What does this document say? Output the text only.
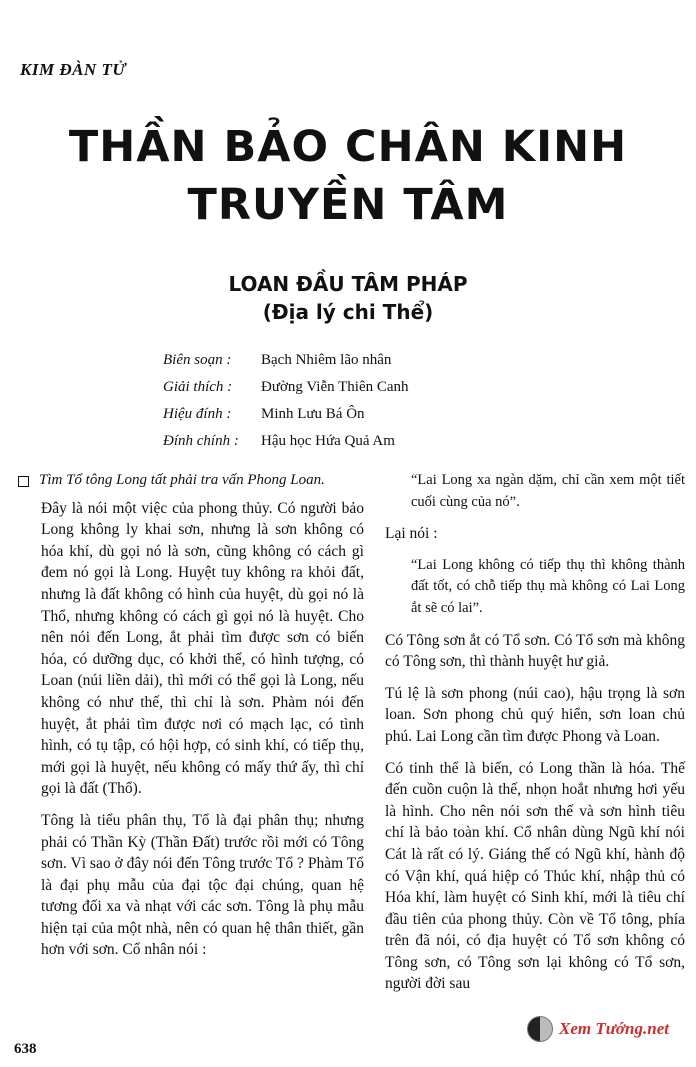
KIM ĐÀN TỬ
THẦN BẢO CHÂN KINH
TRUYỀN TÂM
LOAN ĐẦU TÂM PHÁP
(Địa lý chi Thể)
Biên soạn :	Bạch Nhiêm lão nhân
Giải thích :	Đường Viễn Thiên Canh
Hiệu đính :	Minh Lưu Bá Ôn
Đính chính :	Hậu học Hứa Quả Am
Tìm Tổ tông Long tất phải tra vấn Phong Loan.

Đây là nói một việc của phong thủy. Có người bảo Long không ly khai sơn, nhưng là sơn không có hóa khí, dù gọi nó là sơn, cũng không có cách gì đem nó gọi là Long. Huyệt tuy không ra khỏi đất, nhưng là đất không có hình của huyệt, dù gọi nó là Thổ, nhưng không có cách gì gọi nó là huyệt. Cho nên nói đến Long, ắt phải tìm được sơn có biến hóa, có dưỡng dục, có khởi thế, có hình tượng, có Loan (núi liền dải), thì mới có thể gọi là Long, nếu không có như thế, thì chỉ là sơn. Phàm nói đến huyệt, ắt phải tìm được nơi có mạch lạc, có tình hình, có tụ tập, có hội hợp, có sinh khí, có tiếp thụ, mới gọi là huyệt, nếu không có mấy thứ ấy, thì chỉ gọi là đất (Thổ).

Tông là tiểu phân thụ, Tổ là đại phân thụ; nhưng phải có Thần Kỳ (Thần Đất) trước rồi mới có Tông sơn. Vì sao ở đây nói đến Tông trước Tổ ? Phàm Tổ là đại phụ mẫu của đại tộc đại chúng, quan hệ tương đối xa và nhạt với các sơn. Tông là phụ mẫu hiện tại của một nhà, nên có quan hệ thân thiết, gần hơn với sơn. Cổ nhân nói :

“Lai Long xa ngàn dặm, chỉ cần xem một tiết cuối cùng của nó”.

Lại nói :

“Lai Long không có tiếp thụ thì không thành đất tốt, có chỗ tiếp thụ mà không có Lai Long ắt sẽ có lai”.

Có Tông sơn ắt có Tổ sơn. Có Tổ sơn mà không có Tông sơn, thì thành huyệt hư giả.

Tú lệ là sơn phong (núi cao), hậu trọng là sơn loan. Sơn phong chủ quý hiển, sơn loan chủ phú. Lai Long cần tìm được Phong và Loan.

Có tinh thể là biến, có Long thần là hóa. Thế đến cuồn cuộn là thế, nhọn hoắt nhưng hơi yếu là hình. Cho nên nói sơn thế và sơn hình tiêu chí là bảo toàn khí. Cổ nhân dùng Ngũ khí nói Cát là rất có lý. Giáng thế có Ngũ khí, hành độ có Vận khí, quá hiệp có Thúc khí, nhập thủ có Hóa khí, làm huyệt có Sinh khí, mới là tiêu chí đầu tiên của phong thủy. Còn về Tổ tông, phía trên đã nói, có địa huyệt có Tổ sơn không có Tông sơn, có Tông sơn lại không có Tổ sơn, người đời sau

638
Xem Tướng.net
